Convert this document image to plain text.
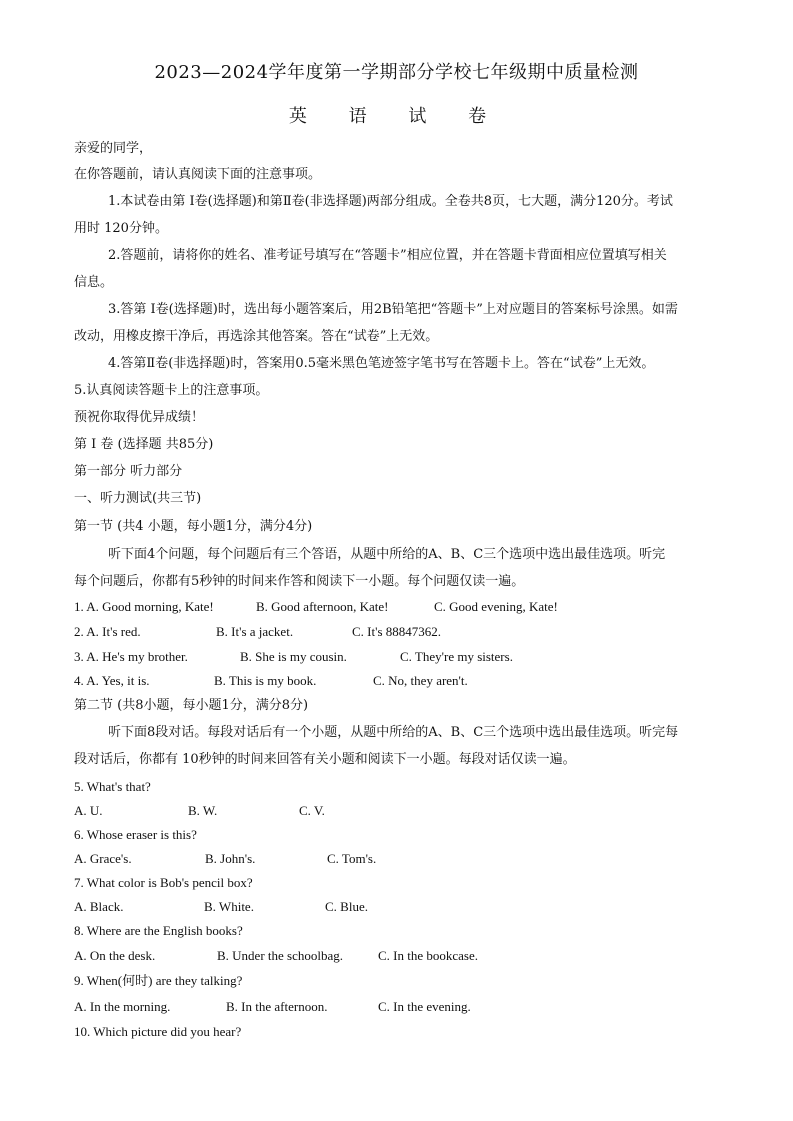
2023—2024学年度第一学期部分学校七年级期中质量检测
英 语 试 卷
亲爱的同学，
在你答题前，请认真阅读下面的注意事项。
1.本试卷由第 Ⅰ卷(选择题)和第Ⅱ卷(非选择题)两部分组成。全卷共8页，七大题，满分120分。考试
用时 120分钟。
2.答题前，请将你的姓名、准考证号填写在“答题卡”相应位置，并在答题卡背面相应位置填写相关
信息。
3.答第 Ⅰ卷(选择题)时，选出每小题答案后，用2B铅笔把“答题卡”上对应题目的答案标号涂黑。如需
改动，用橡皮擦干净后，再选涂其他答案。答在“试卷”上无效。
4.答第Ⅱ卷(非选择题)时，答案用0.5毫米黑色笔迹签字笔书写在答题卡上。答在“试卷”上无效。
5.认真阅读答题卡上的注意事项。
预祝你取得优异成绩！
第 Ⅰ 卷 (选择题 共85分)
第一部分 听力部分
一、听力测试(共三节)
第一节 (共4 小题，每小题1分，满分4分)
听下面4个问题，每个问题后有三个答语，从题中所给的A、B、C三个选项中选出最佳选项。听完
每个问题后，你都有5秒钟的时间来作答和阅读下一小题。每个问题仅读一遍。
1. A. Good morning, Kate!	B. Good afternoon, Kate!	C. Good evening, Kate!
2. A. It's red.	B. It's a jacket.	C. It's 88847362.
3. A. He's my brother.	B. She is my cousin.	C. They're my sisters.
4. A. Yes, it is.	B. This is my book.	C. No, they aren't.
第二节 (共8小题，每小题1分，满分8分)
听下面8段对话。每段对话后有一个小题，从题中所给的A、B、C三个选项中选出最佳选项。听完每
段对话后，你都有 10秒钟的时间来回答有关小题和阅读下一小题。每段对话仅读一遍。
5. What's that?
A. U.	B. W.	C. V.
6. Whose eraser is this?
A. Grace's.	B. John's.	C. Tom's.
7. What color is Bob's pencil box?
A. Black.	B. White.	C. Blue.
8. Where are the English books?
A. On the desk.	B. Under the schoolbag.	C. In the bookcase.
9. When(何时) are they talking?
A. In the morning.	B. In the afternoon.	C. In the evening.
10. Which picture did you hear?
